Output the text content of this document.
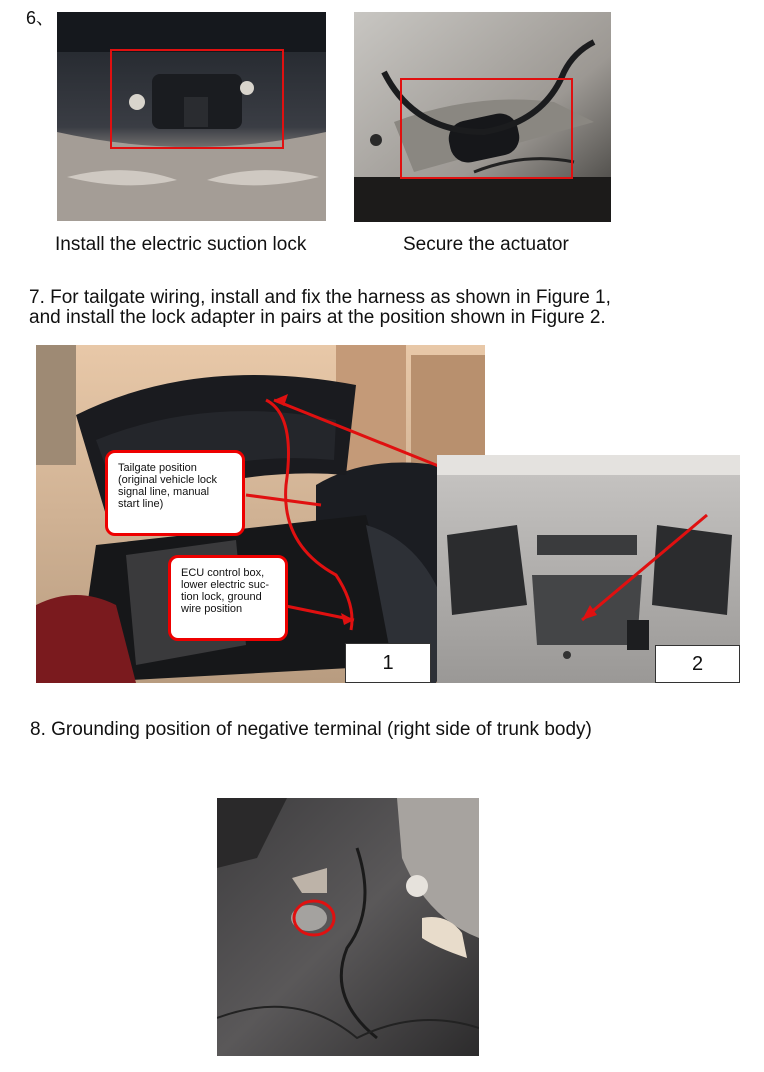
6、
Install the electric suction lock	Secure the actuator
7. For tailgate wiring, install and fix the harness as shown in Figure 1,
and install the lock adapter in pairs at the position shown in Figure 2.
Tailgate position
(original vehicle lock
signal line, manual
start line)
ECU control box,
lower electric suc-
tion lock, ground
wire position
1	2
8. Grounding position of negative terminal (right side of trunk body)
